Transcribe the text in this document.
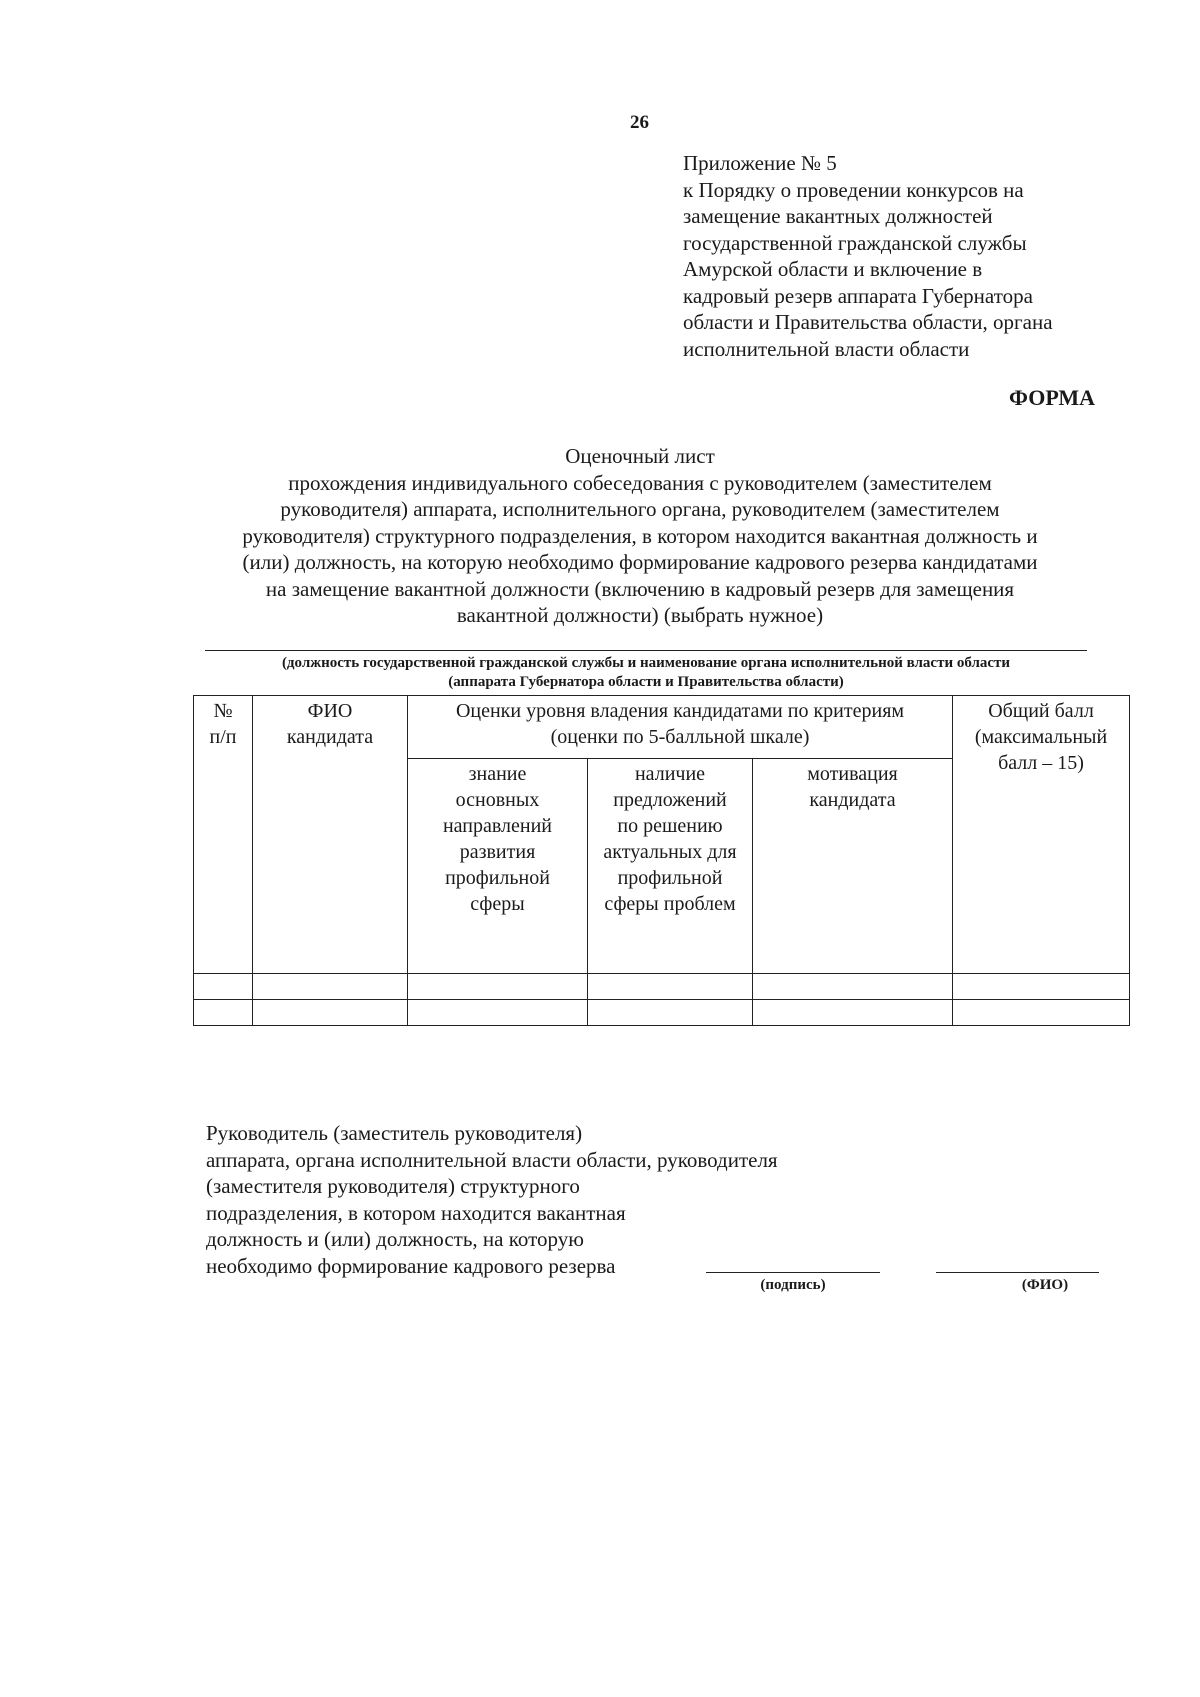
26
Приложение № 5
к Порядку о проведении конкурсов на
замещение вакантных должностей
государственной гражданской службы
Амурской области и включение в
кадровый резерв аппарата Губернатора
области и Правительства области, органа
исполнительной власти области
ФОРМА
Оценочный лист
прохождения индивидуального собеседования с руководителем (заместителем
руководителя) аппарата, исполнительного органа, руководителем (заместителем
руководителя) структурного подразделения, в котором находится вакантная должность и
(или) должность, на которую необходимо формирование кадрового резерва кандидатами
на замещение вакантной должности (включению в кадровый резерв для замещения
вакантной должности) (выбрать нужное)
(должность государственной гражданской службы и наименование органа исполнительной власти области
(аппарата Губернатора области и Правительства области)
№ п/п	ФИО кандидата	Оценки уровня владения кандидатами по критериям (оценки по 5-балльной шкале)			Общий балл (максимальный балл – 15)
		знание основных направлений развития профильной сферы	наличие предложений по решению актуальных для профильной сферы проблем	мотивация кандидата	

Руководитель (заместитель руководителя)
аппарата, органа исполнительной власти области, руководителя
(заместителя руководителя) структурного
подразделения, в котором находится вакантная
должность и (или) должность, на которую
необходимо формирование кадрового резерва
(подпись)	(ФИО)
